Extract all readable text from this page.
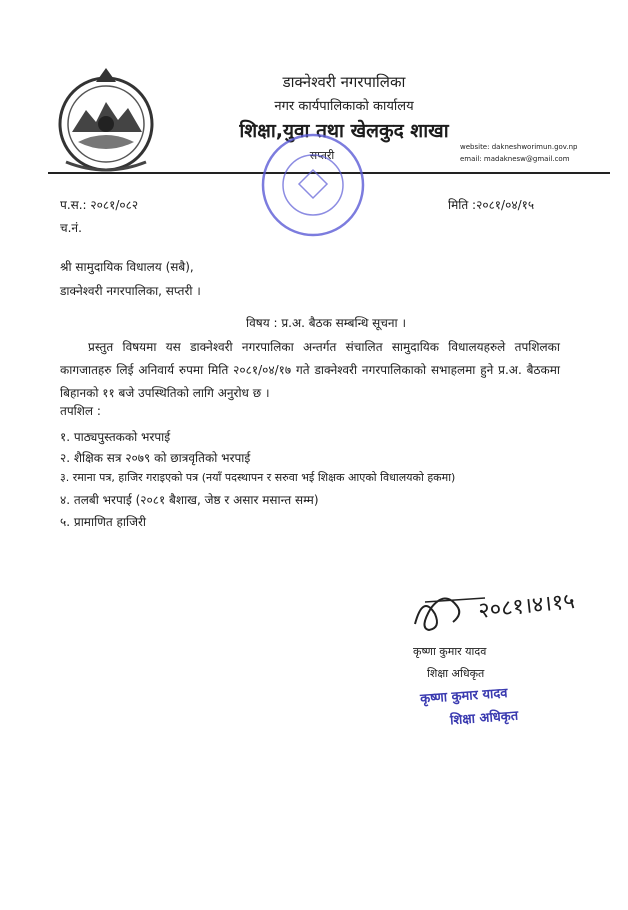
डाक्नेश्वरी नगरपालिका
नगर कार्यपालिकाको कार्यालय
शिक्षा,युवा तथा खेलकुद शाखा
सप्तरी
website: dakneshworimun.gov.np
email: madaknesw@gmail.com
प.स.: २०८१/०८२
च.नं.
मिति :२०८१/०४/१५
श्री सामुदायिक विधालय (सबै),
डाक्नेश्वरी नगरपालिका, सप्तरी ।
विषय : प्र.अ. बैठक सम्बन्धि सूचना ।
प्रस्तुत विषयमा यस डाक्नेश्वरी नगरपालिका अन्तर्गत संचालित सामुदायिक विधालयहरुले तपशिलका कागजातहरु लिई अनिवार्य रुपमा मिति २०८१/०४/१७ गते डाक्नेश्वरी नगरपालिकाको सभाहलमा हुने प्र.अ. बैठकमा बिहानको ११ बजे उपस्थितिको लागि अनुरोध छ ।
तपशिल :
१. पाठ्यपुस्तकको भरपाई
२. शैक्षिक सत्र २०७९ को छात्रवृतिको भरपाई
३. रमाना पत्र, हाजिर गराइएको पत्र (नयाँ पदस्थापन र सरुवा भई शिक्षक आएको विधालयको हकमा)
४. तलबी भरपाई (२०८१ बैशाख, जेष्ठ र असार मसान्त सम्म)
५. प्रामाणित हाजिरी
२०८१।४।१५
कृष्णा कुमार यादव
शिक्षा अधिकृत
कृष्णा कुमार यादव
शिक्षा अधिकृत
